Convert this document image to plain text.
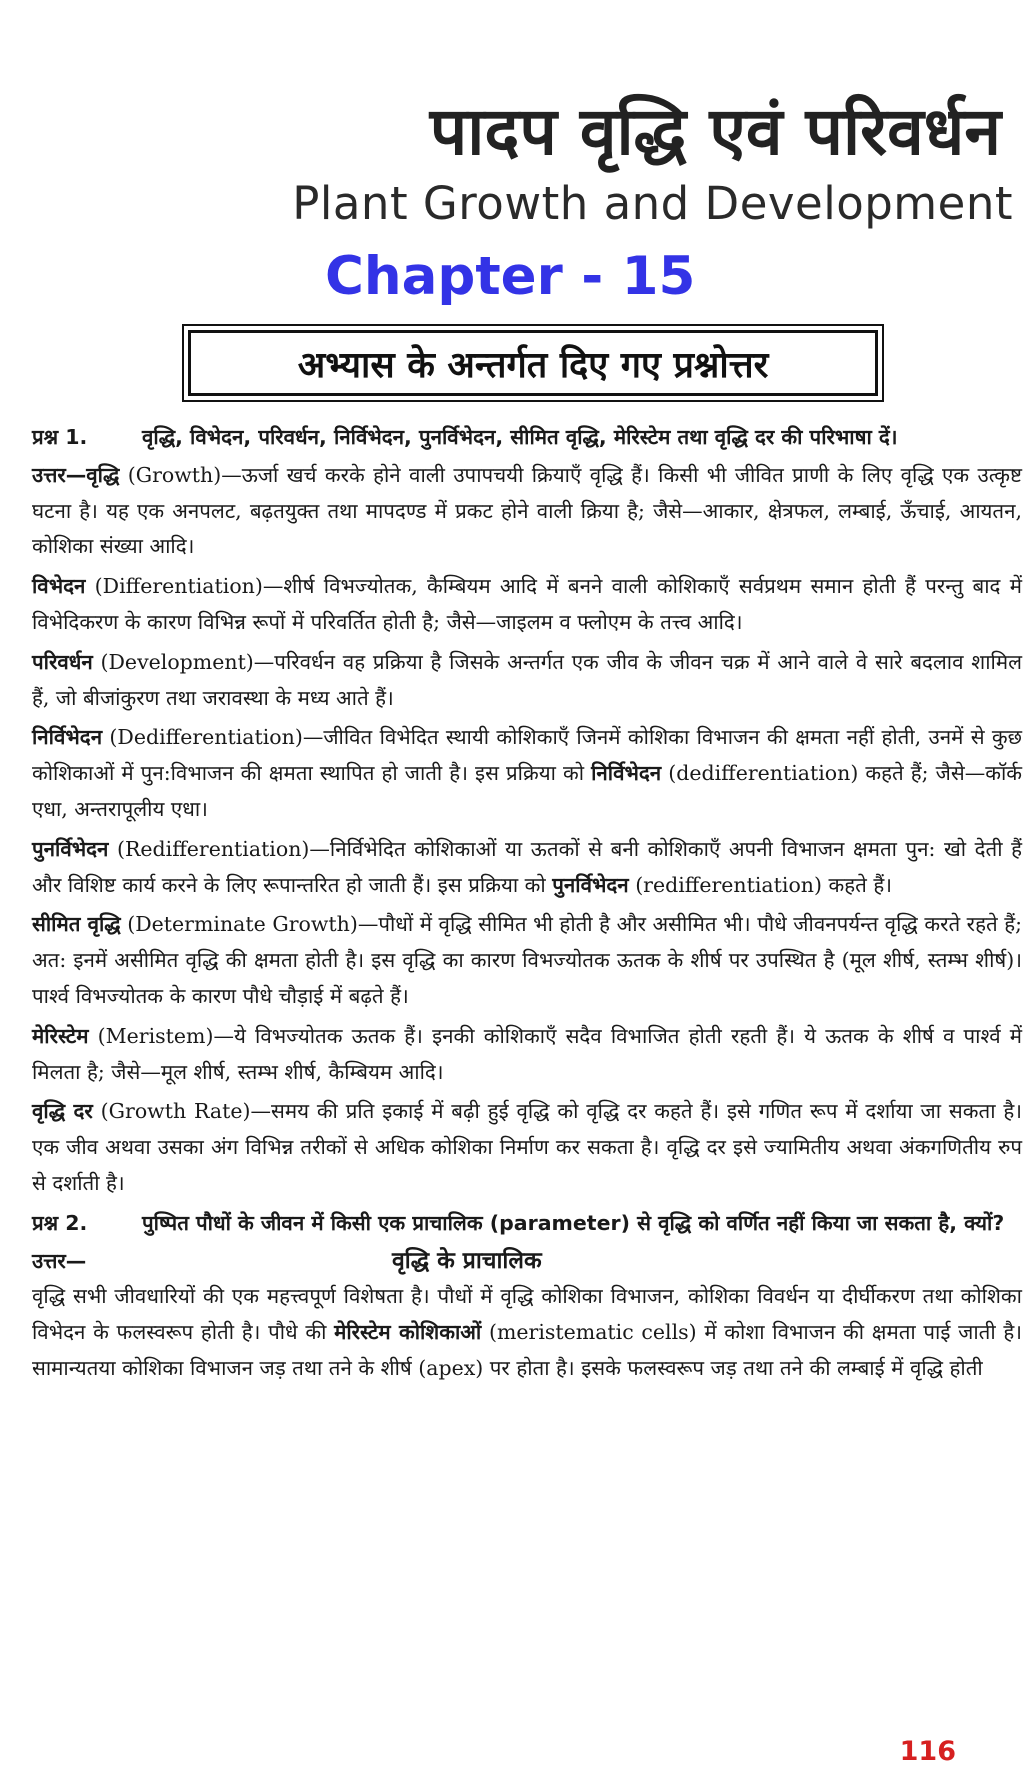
पादप वृद्धि एवं परिवर्धन
Plant Growth and Development
Chapter - 15
अभ्यास के अन्तर्गत दिए गए प्रश्नोत्तर
प्रश्न 1.	वृद्धि, विभेदन, परिवर्धन, निर्विभेदन, पुनर्विभेदन, सीमित वृद्धि, मेरिस्टेम तथा वृद्धि दर की परिभाषा दें।

उत्तर—वृद्धि (Growth)—ऊर्जा खर्च करके होने वाली उपापचयी क्रियाएँ वृद्धि हैं। किसी भी जीवित प्राणी के लिए वृद्धि एक उत्कृष्ट घटना है। यह एक अनपलट, बढ़तयुक्त तथा मापदण्ड में प्रकट होने वाली क्रिया है; जैसे—आकार, क्षेत्रफल, लम्बाई, ऊँचाई, आयतन, कोशिका संख्या आदि।

विभेदन (Differentiation)—शीर्ष विभज्योतक, कैम्बियम आदि में बनने वाली कोशिकाएँ सर्वप्रथम समान होती हैं परन्तु बाद में विभेदिकरण के कारण विभिन्न रूपों में परिवर्तित होती है; जैसे—जाइलम व फ्लोएम के तत्त्व आदि।

परिवर्धन (Development)—परिवर्धन वह प्रक्रिया है जिसके अन्तर्गत एक जीव के जीवन चक्र में आने वाले वे सारे बदलाव शामिल हैं, जो बीजांकुरण तथा जरावस्था के मध्य आते हैं।

निर्विभेदन (Dedifferentiation)—जीवित विभेदित स्थायी कोशिकाएँ जिनमें कोशिका विभाजन की क्षमता नहीं होती, उनमें से कुछ कोशिकाओं में पुन:विभाजन की क्षमता स्थापित हो जाती है। इस प्रक्रिया को निर्विभेदन (dedifferentiation) कहते हैं; जैसे—कॉर्क एधा, अन्तरापूलीय एधा।

पुनर्विभेदन (Redifferentiation)—निर्विभेदित कोशिकाओं या ऊतकों से बनी कोशिकाएँ अपनी विभाजन क्षमता पुन: खो देती हैं और विशिष्ट कार्य करने के लिए रूपान्तरित हो जाती हैं। इस प्रक्रिया को पुनर्विभेदन (redifferentiation) कहते हैं।

सीमित वृद्धि (Determinate Growth)—पौधों में वृद्धि सीमित भी होती है और असीमित भी। पौधे जीवनपर्यन्त वृद्धि करते रहते हैं; अत: इनमें असीमित वृद्धि की क्षमता होती है। इस वृद्धि का कारण विभज्योतक ऊतक के शीर्ष पर उपस्थित है (मूल शीर्ष, स्तम्भ शीर्ष)। पार्श्व विभज्योतक के कारण पौधे चौड़ाई में बढ़ते हैं।

मेरिस्टेम (Meristem)—ये विभज्योतक ऊतक हैं। इनकी कोशिकाएँ सदैव विभाजित होती रहती हैं। ये ऊतक के शीर्ष व पार्श्व में मिलता है; जैसे—मूल शीर्ष, स्तम्भ शीर्ष, कैम्बियम आदि।

वृद्धि दर (Growth Rate)—समय की प्रति इकाई में बढ़ी हुई वृद्धि को वृद्धि दर कहते हैं। इसे गणित रूप में दर्शाया जा सकता है। एक जीव अथवा उसका अंग विभिन्न तरीकों से अधिक कोशिका निर्माण कर सकता है। वृद्धि दर इसे ज्यामितीय अथवा अंकगणितीय रुप से दर्शाती है।

प्रश्न 2.	पुष्पित पौधों के जीवन में किसी एक प्राचालिक (parameter) से वृद्धि को वर्णित नहीं किया जा सकता है, क्यों?
उत्तर—	वृद्धि के प्राचालिक

वृद्धि सभी जीवधारियों की एक महत्त्वपूर्ण विशेषता है। पौधों में वृद्धि कोशिका विभाजन, कोशिका विवर्धन या दीर्घीकरण तथा कोशिका विभेदन के फलस्वरूप होती है। पौधे की मेरिस्टेम कोशिकाओं (meristematic cells) में कोशा विभाजन की क्षमता पाई जाती है। सामान्यतया कोशिका विभाजन जड़ तथा तने के शीर्ष (apex) पर होता है। इसके फलस्वरूप जड़ तथा तने की लम्बाई में वृद्धि होती

116
